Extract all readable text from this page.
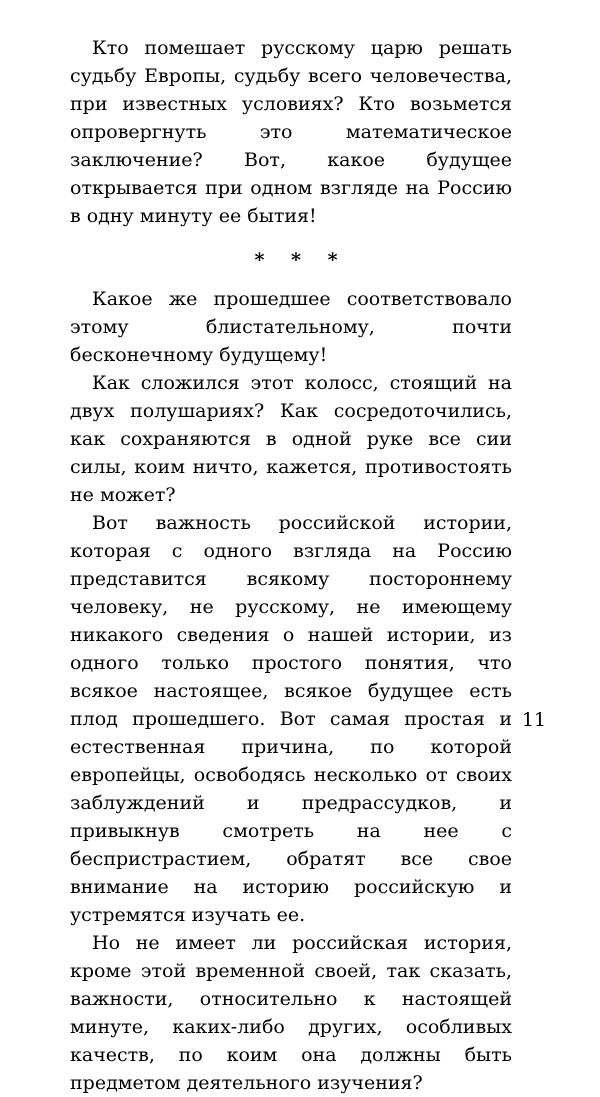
Кто помешает русскому царю решать судьбу Европы, судьбу всего человечества, при известных условиях? Кто возьмется опровергнуть это математическое заключение? Вот, какое будущее открывается при одном взгляде на Россию в одну минуту ее бытия!

* * *

Какое же прошедшее соответствовало этому блистательному, почти бесконечному будущему!

Как сложился этот колосс, стоящий на двух полушариях? Как сосредоточились, как сохраняются в одной руке все сии силы, коим ничто, кажется, противостоять не может?

Вот важность российской истории, которая с одного взгляда на Россию представится всякому постороннему человеку, не русскому, не имеющему никакого сведения о нашей истории, из одного только простого понятия, что всякое настоящее, всякое будущее есть плод прошедшего. Вот самая простая и естественная причина, по которой европейцы, освободясь несколько от своих заблуждений и предрассудков, и привыкнув смотреть на нее с беспристрастием, обратят все свое внимание на историю российскую и устремятся изучать ее.

Но не имеет ли российская история, кроме этой временной своей, так сказать, важности, относительно к настоящей минуте, каких-либо других, особливых качеств, по коим она должны быть предметом деятельного изучения?

11
